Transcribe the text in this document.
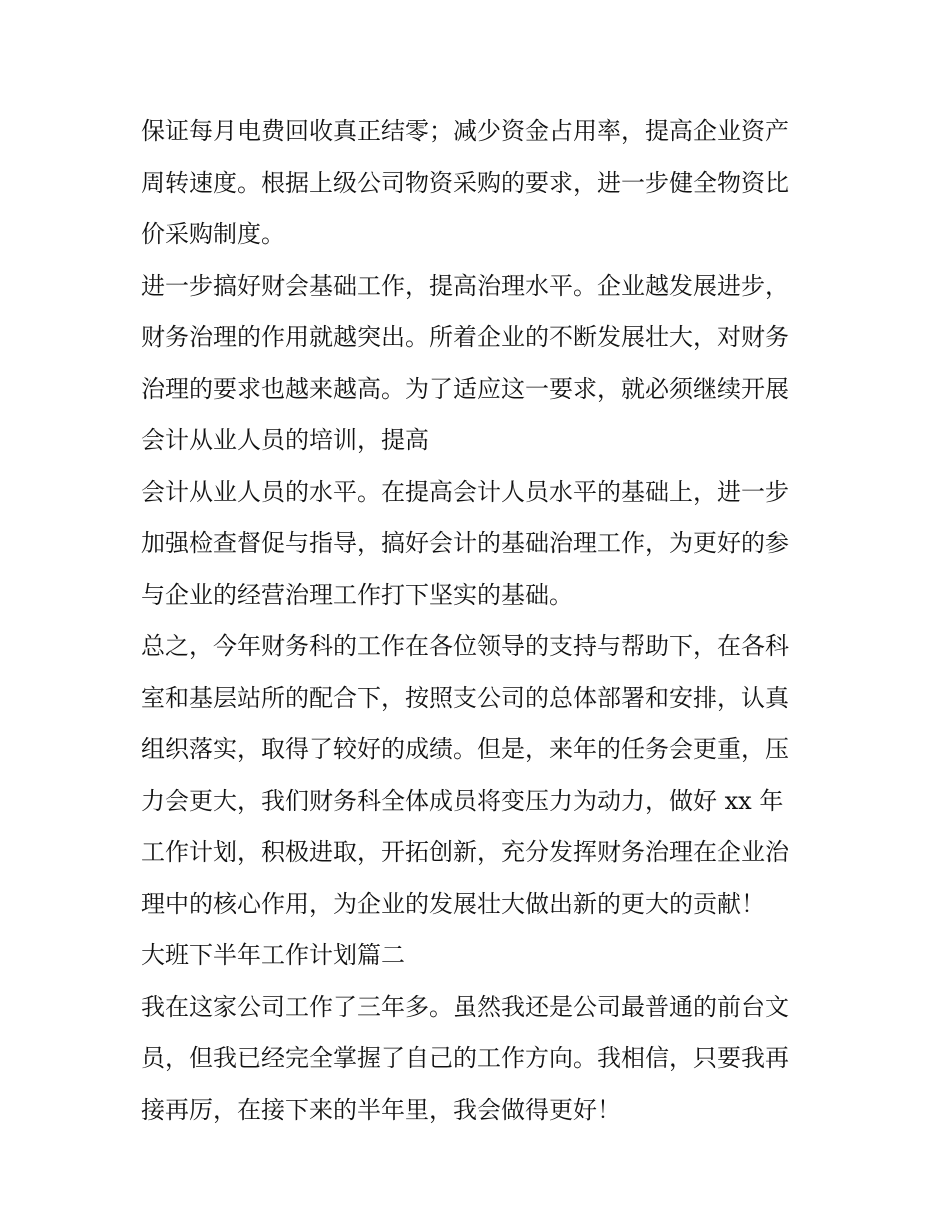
保证每月电费回收真正结零；减少资金占用率，提高企业资产
周转速度。根据上级公司物资采购的要求，进一步健全物资比
价采购制度。
进一步搞好财会基础工作，提高治理水平。企业越发展进步，
财务治理的作用就越突出。所着企业的不断发展壮大，对财务
治理的要求也越来越高。为了适应这一要求，就必须继续开展
会计从业人员的培训，提高
会计从业人员的水平。在提高会计人员水平的基础上，进一步
加强检查督促与指导，搞好会计的基础治理工作，为更好的参
与企业的经营治理工作打下坚实的基础。
总之，今年财务科的工作在各位领导的支持与帮助下，在各科
室和基层站所的配合下，按照支公司的总体部署和安排，认真
组织落实，取得了较好的成绩。但是，来年的任务会更重，压
力会更大，我们财务科全体成员将变压力为动力，做好 xx 年
工作计划，积极进取，开拓创新，充分发挥财务治理在企业治
理中的核心作用，为企业的发展壮大做出新的更大的贡献！
大班下半年工作计划篇二
我在这家公司工作了三年多。虽然我还是公司最普通的前台文
员，但我已经完全掌握了自己的工作方向。我相信，只要我再
接再厉，在接下来的半年里，我会做得更好！
